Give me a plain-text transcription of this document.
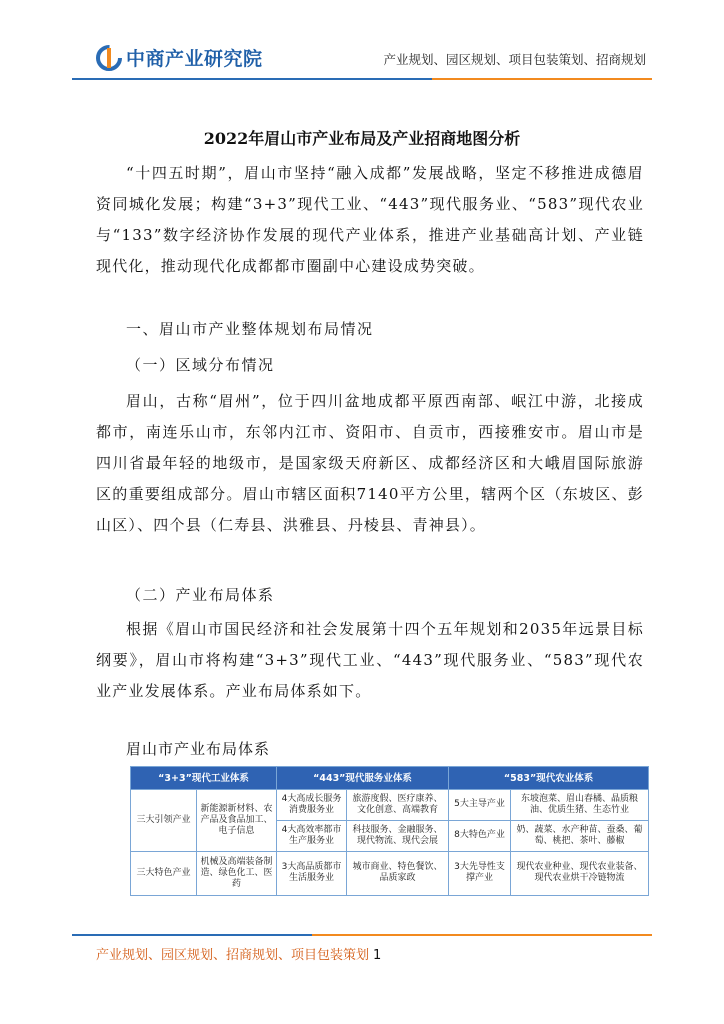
中商产业研究院	产业规划、园区规划、项目包装策划、招商规划
2022年眉山市产业布局及产业招商地图分析

“十四五时期”，眉山市坚持“融入成都”发展战略，坚定不移推进成德眉资同城化发展；构建“3+3”现代工业、“443”现代服务业、“583”现代农业与“133”数字经济协作发展的现代产业体系，推进产业基础高计划、产业链现代化，推动现代化成都都市圈副中心建设成势突破。

一、眉山市产业整体规划布局情况
（一）区域分布情况

眉山，古称“眉州”，位于四川盆地成都平原西南部、岷江中游，北接成都市，南连乐山市，东邻内江市、资阳市、自贡市，西接雅安市。眉山市是四川省最年轻的地级市，是国家级天府新区、成都经济区和大峨眉国际旅游区的重要组成部分。眉山市辖区面积7140平方公里，辖两个区（东坡区、彭山区）、四个县（仁寿县、洪雅县、丹棱县、青神县）。

（二）产业布局体系

根据《眉山市国民经济和社会发展第十四个五年规划和2035年远景目标纲要》，眉山市将构建“3+3”现代工业、“443”现代服务业、“583”现代农业产业发展体系。产业布局体系如下。

眉山市产业布局体系
“3+3”现代工业体系		“443”现代服务业体系		“583”现代农业体系	
三大引领产业	新能源新材料、农产品及食品加工、电子信息	4大高成长服务消费服务业	旅游度假、医疗康养、文化创意、高端教育	5大主导产业	东坡泡菜、眉山春橘、晶质粮油、优质生猪、生态竹业
		4大高效率都市生产服务业	科技服务、金融服务、现代物流、现代会展	8大特色产业	奶、蔬菜、水产种苗、蚕桑、葡萄、桃把、茶叶、藤椒
三大特色产业	机械及高端装备制造、绿色化工、医药	3大高品质都市生活服务业	城市商业、特色餐饮、品质家政	3大先导性支撑产业	现代农业种业、现代农业装备、现代农业烘干冷链物流
产业规划、园区规划、招商规划、项目包装策划 1
